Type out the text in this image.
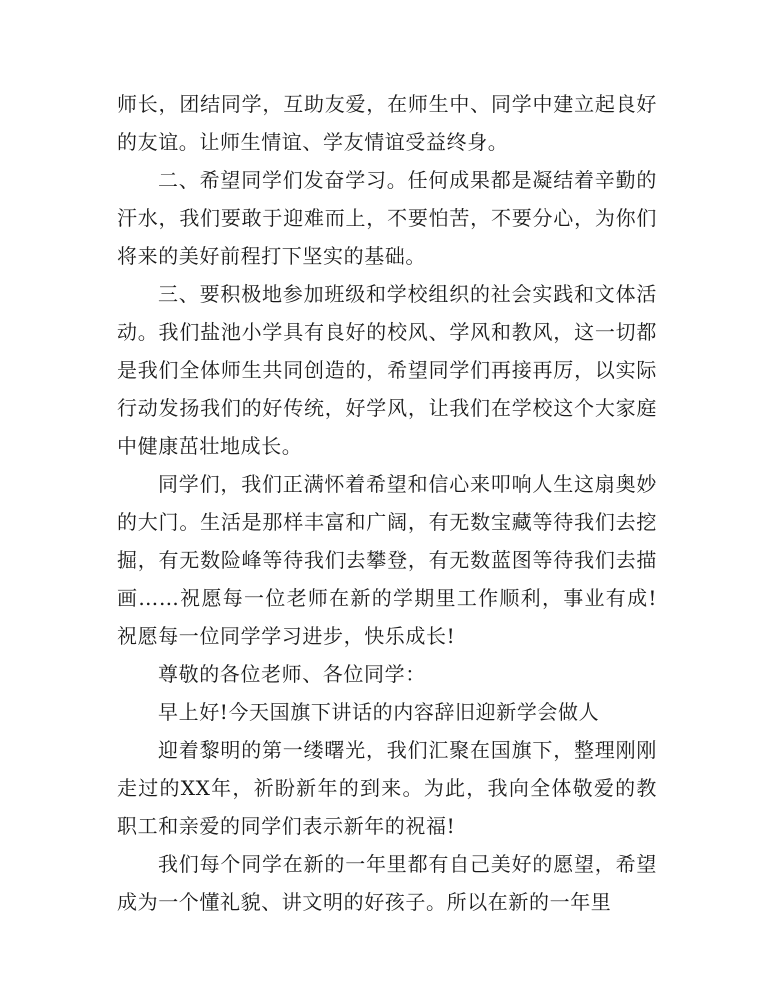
师长，团结同学，互助友爱，在师生中、同学中建立起良好的友谊。让师生情谊、学友情谊受益终身。

二、希望同学们发奋学习。任何成果都是凝结着辛勤的汗水，我们要敢于迎难而上，不要怕苦，不要分心，为你们将来的美好前程打下坚实的基础。

三、要积极地参加班级和学校组织的社会实践和文体活动。我们盐池小学具有良好的校风、学风和教风，这一切都是我们全体师生共同创造的，希望同学们再接再厉，以实际行动发扬我们的好传统，好学风，让我们在学校这个大家庭中健康茁壮地成长。

同学们，我们正满怀着希望和信心来叩响人生这扇奥妙的大门。生活是那样丰富和广阔，有无数宝藏等待我们去挖掘，有无数险峰等待我们去攀登，有无数蓝图等待我们去描画……祝愿每一位老师在新的学期里工作顺利，事业有成!祝愿每一位同学学习进步，快乐成长!

尊敬的各位老师、各位同学：

早上好!今天国旗下讲话的内容辞旧迎新学会做人

迎着黎明的第一缕曙光，我们汇聚在国旗下，整理刚刚走过的XX年，祈盼新年的到来。为此，我向全体敬爱的教职工和亲爱的同学们表示新年的祝福!

我们每个同学在新的一年里都有自己美好的愿望，希望成为一个懂礼貌、讲文明的好孩子。所以在新的一年里
